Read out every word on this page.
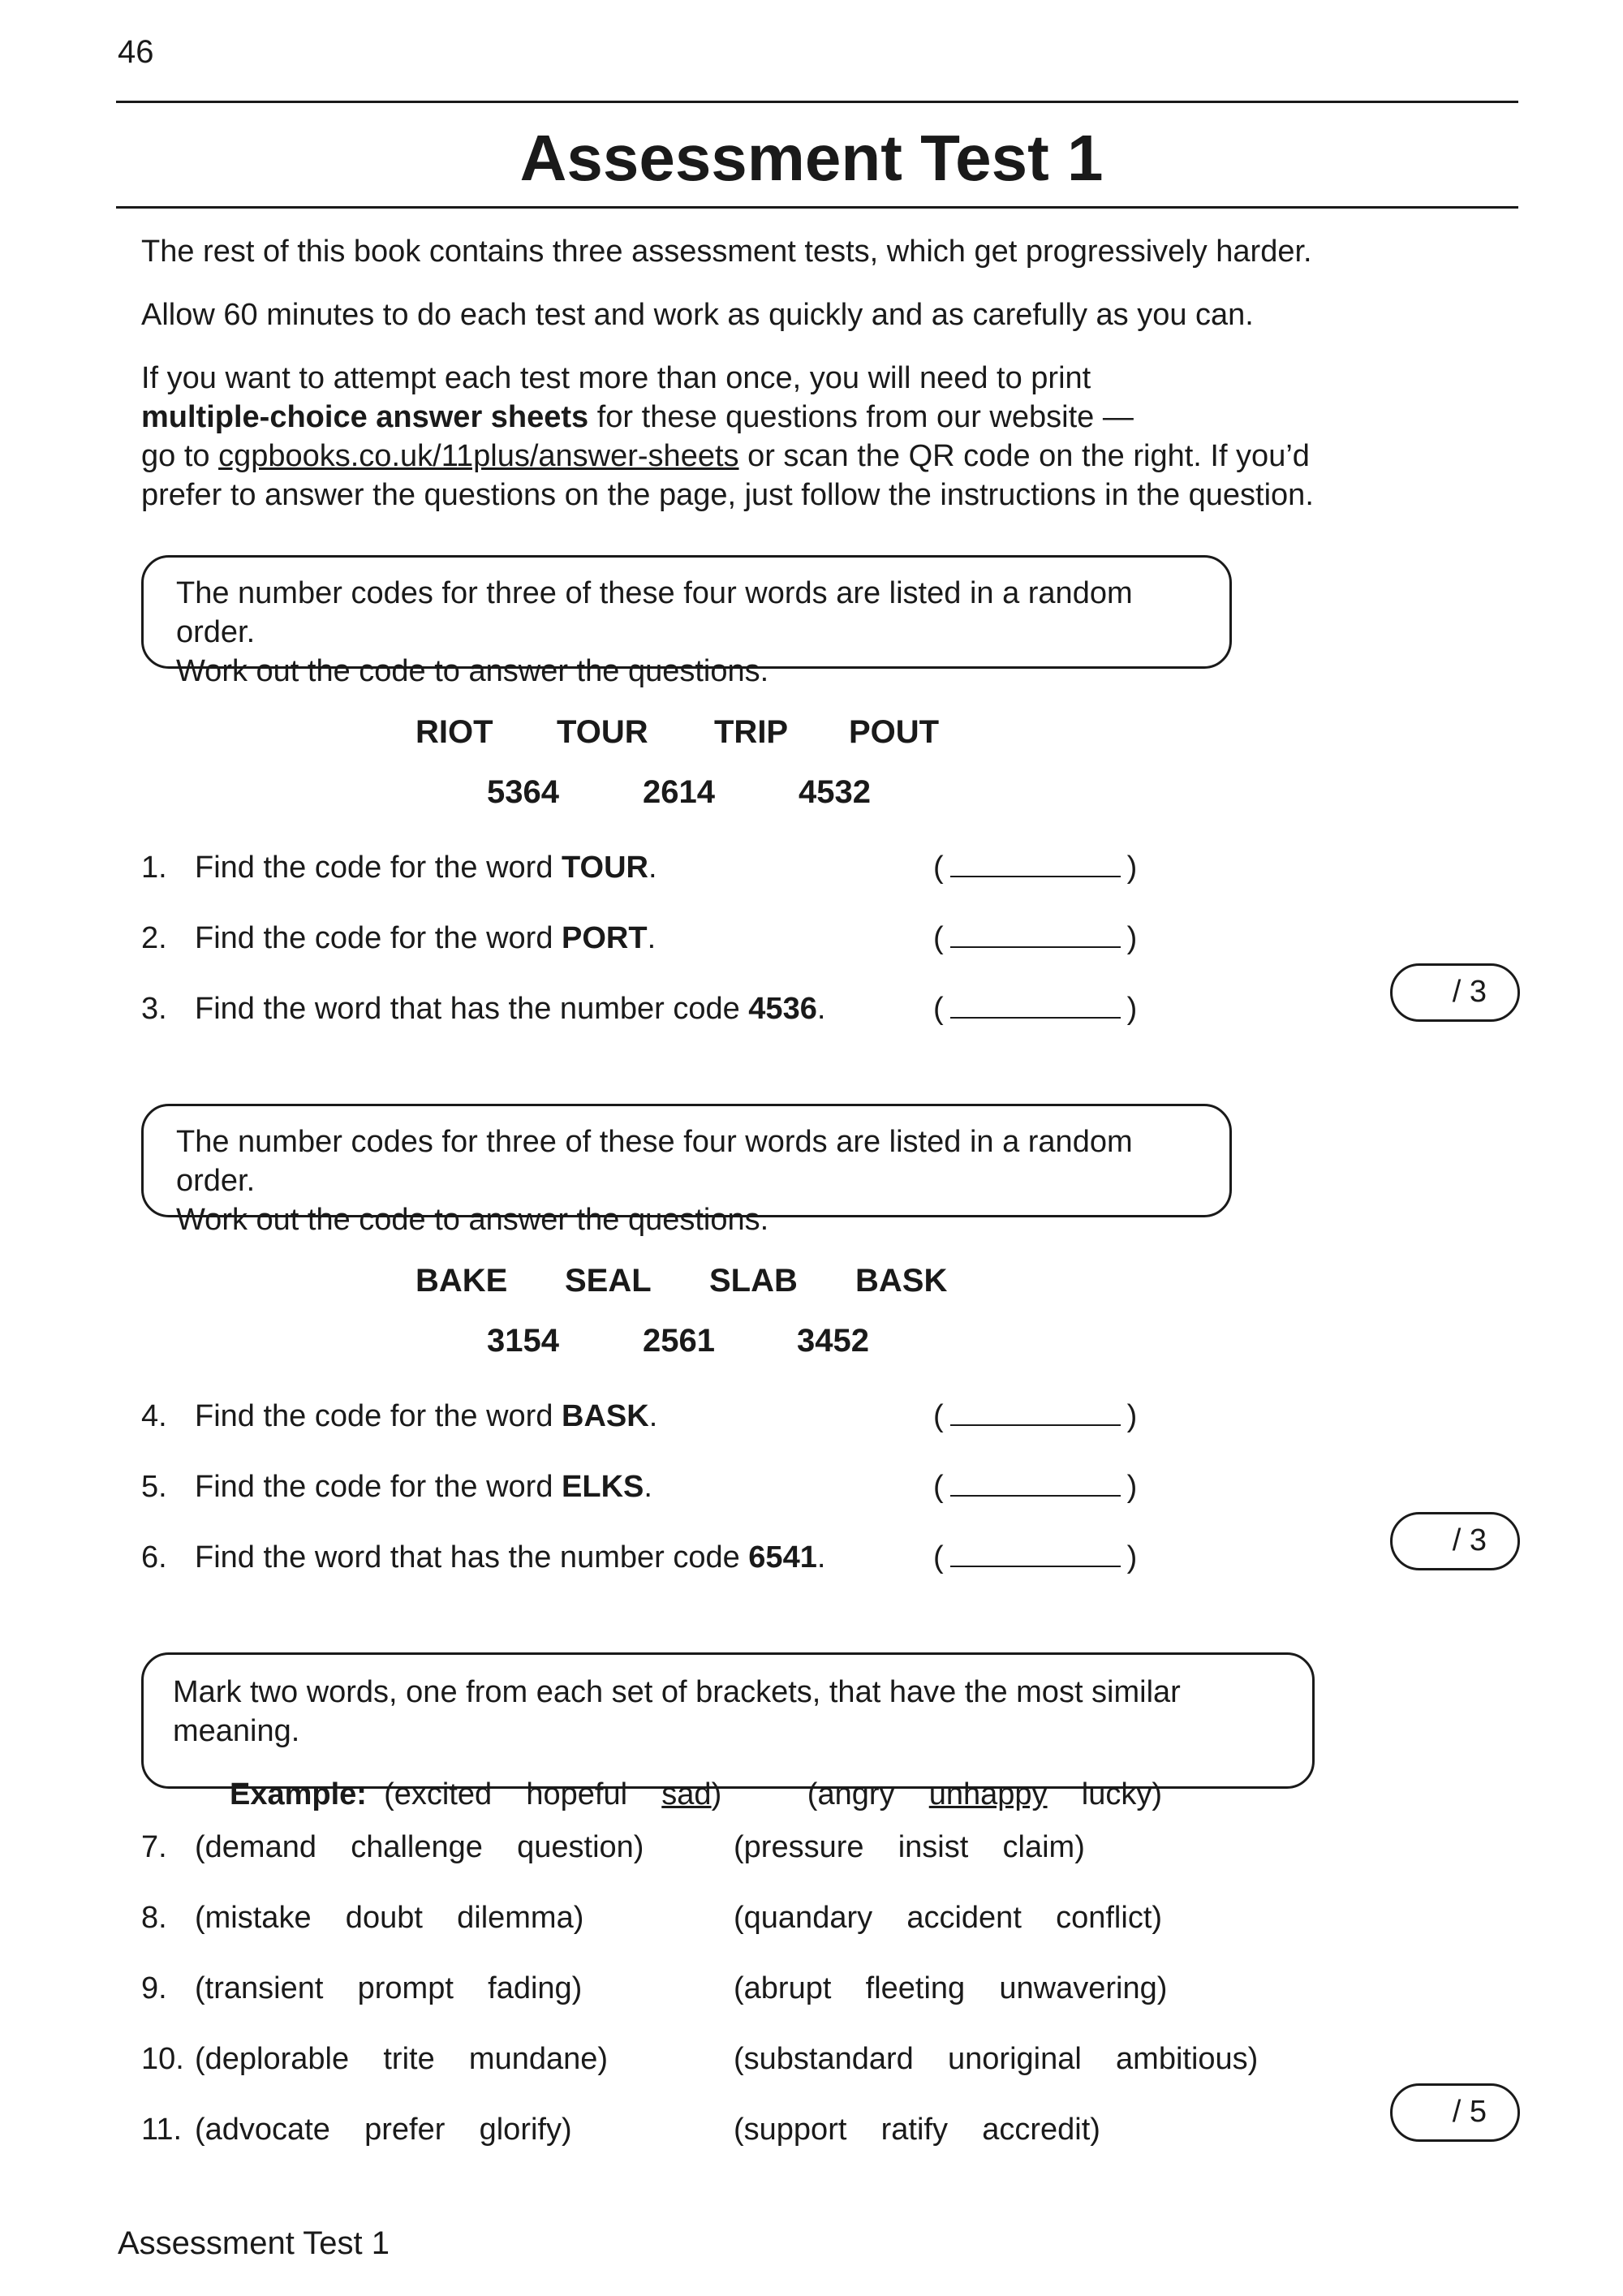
46
Assessment Test 1
The rest of this book contains three assessment tests, which get progressively harder.
Allow 60 minutes to do each test and work as quickly and as carefully as you can.
If you want to attempt each test more than once, you will need to print
multiple-choice answer sheets for these questions from our website —
go to cgpbooks.co.uk/11plus/answer-sheets or scan the QR code on the right. If you’d
prefer to answer the questions on the page, just follow the instructions in the question.
The number codes for three of these four words are listed in a random order.
Work out the code to answer the questions.
RIOT TOUR TRIP POUT
5364	2614	4532
1. Find the code for the word TOUR.	(	)
2. Find the code for the word PORT.	(	)
3. Find the word that has the number code 4536.	(	)	/ 3
The number codes for three of these four words are listed in a random order.
Work out the code to answer the questions.
BAKE SEAL SLAB BASK
3154	2561	3452
4. Find the code for the word BASK.	(	)
5. Find the code for the word ELKS.	(	)
6. Find the word that has the number code 6541.	(	)	/ 3
Mark two words, one from each set of brackets, that have the most similar meaning.
Example: (excited    hopeful    sad)	(angry    unhappy    lucky)
7. (demand    challenge    question)	(pressure    insist    claim)
8. (mistake    doubt    dilemma)	(quandary    accident    conflict)
9. (transient    prompt    fading)	(abrupt    fleeting    unwavering)
10. (deplorable    trite    mundane)	(substandard    unoriginal    ambitious)
11. (advocate    prefer    glorify)	(support    ratify    accredit)
/ 5
Assessment Test 1
